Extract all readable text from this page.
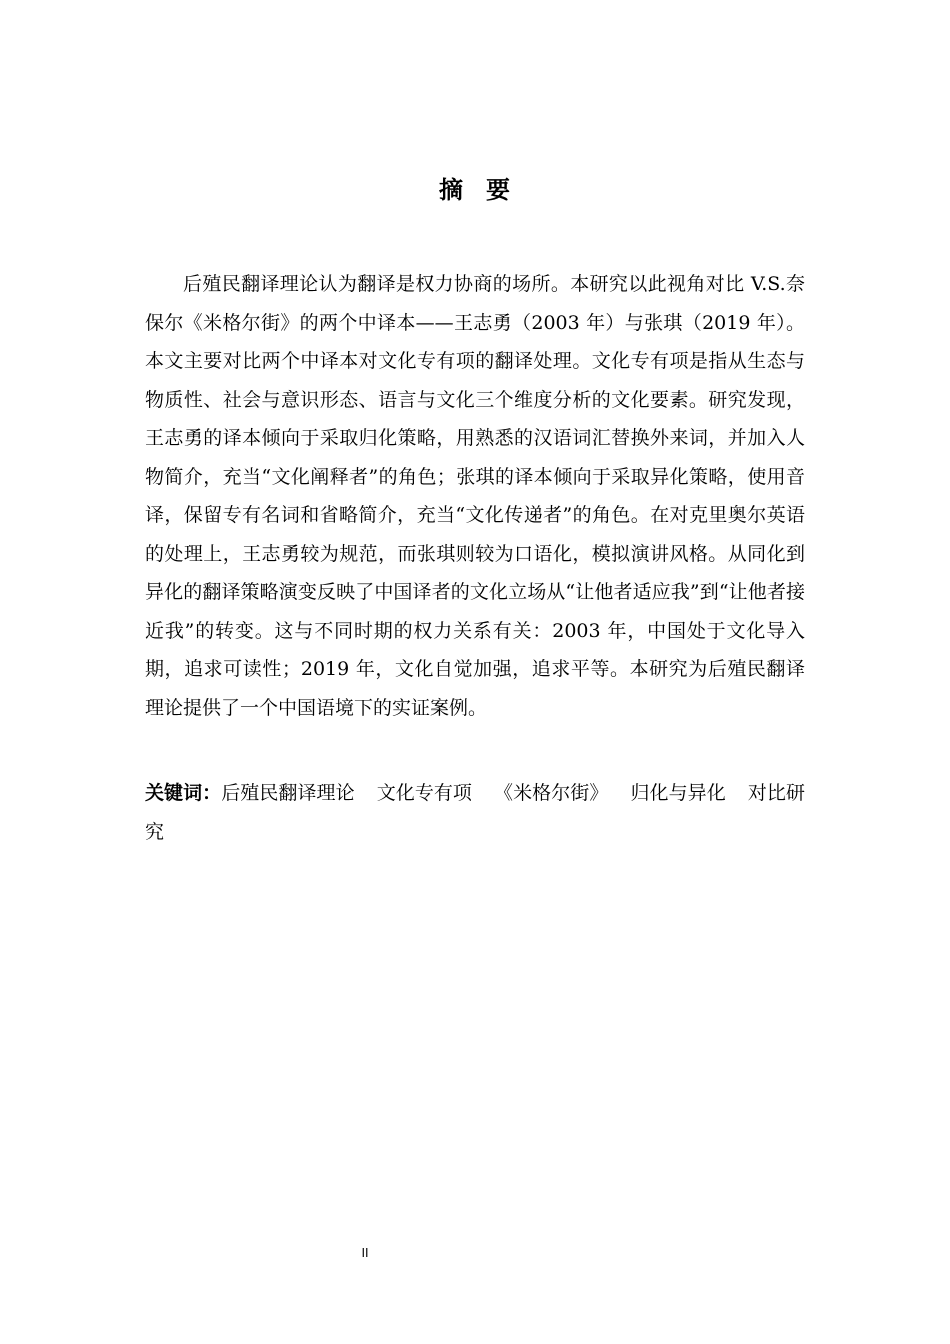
摘 要

后殖民翻译理论认为翻译是权力协商的场所。本研究以此视角对比 V.S.奈保尔《米格尔街》的两个中译本——王志勇（2003 年）与张琪（2019 年）。本文主要对比两个中译本对文化专有项的翻译处理。文化专有项是指从生态与物质性、社会与意识形态、语言与文化三个维度分析的文化要素。研究发现，王志勇的译本倾向于采取归化策略，用熟悉的汉语词汇替换外来词，并加入人物简介，充当“文化阐释者”的角色；张琪的译本倾向于采取异化策略，使用音译，保留专有名词和省略简介，充当“文化传递者”的角色。在对克里奥尔英语的处理上，王志勇较为规范，而张琪则较为口语化，模拟演讲风格。从同化到异化的翻译策略演变反映了中国译者的文化立场从“让他者适应我”到“让他者接近我”的转变。这与不同时期的权力关系有关：2003 年，中国处于文化导入期，追求可读性；2019 年，文化自觉加强，追求平等。本研究为后殖民翻译理论提供了一个中国语境下的实证案例。

关键词：后殖民翻译理论 文化专有项 《米格尔街》 归化与异化 对比研究

II
